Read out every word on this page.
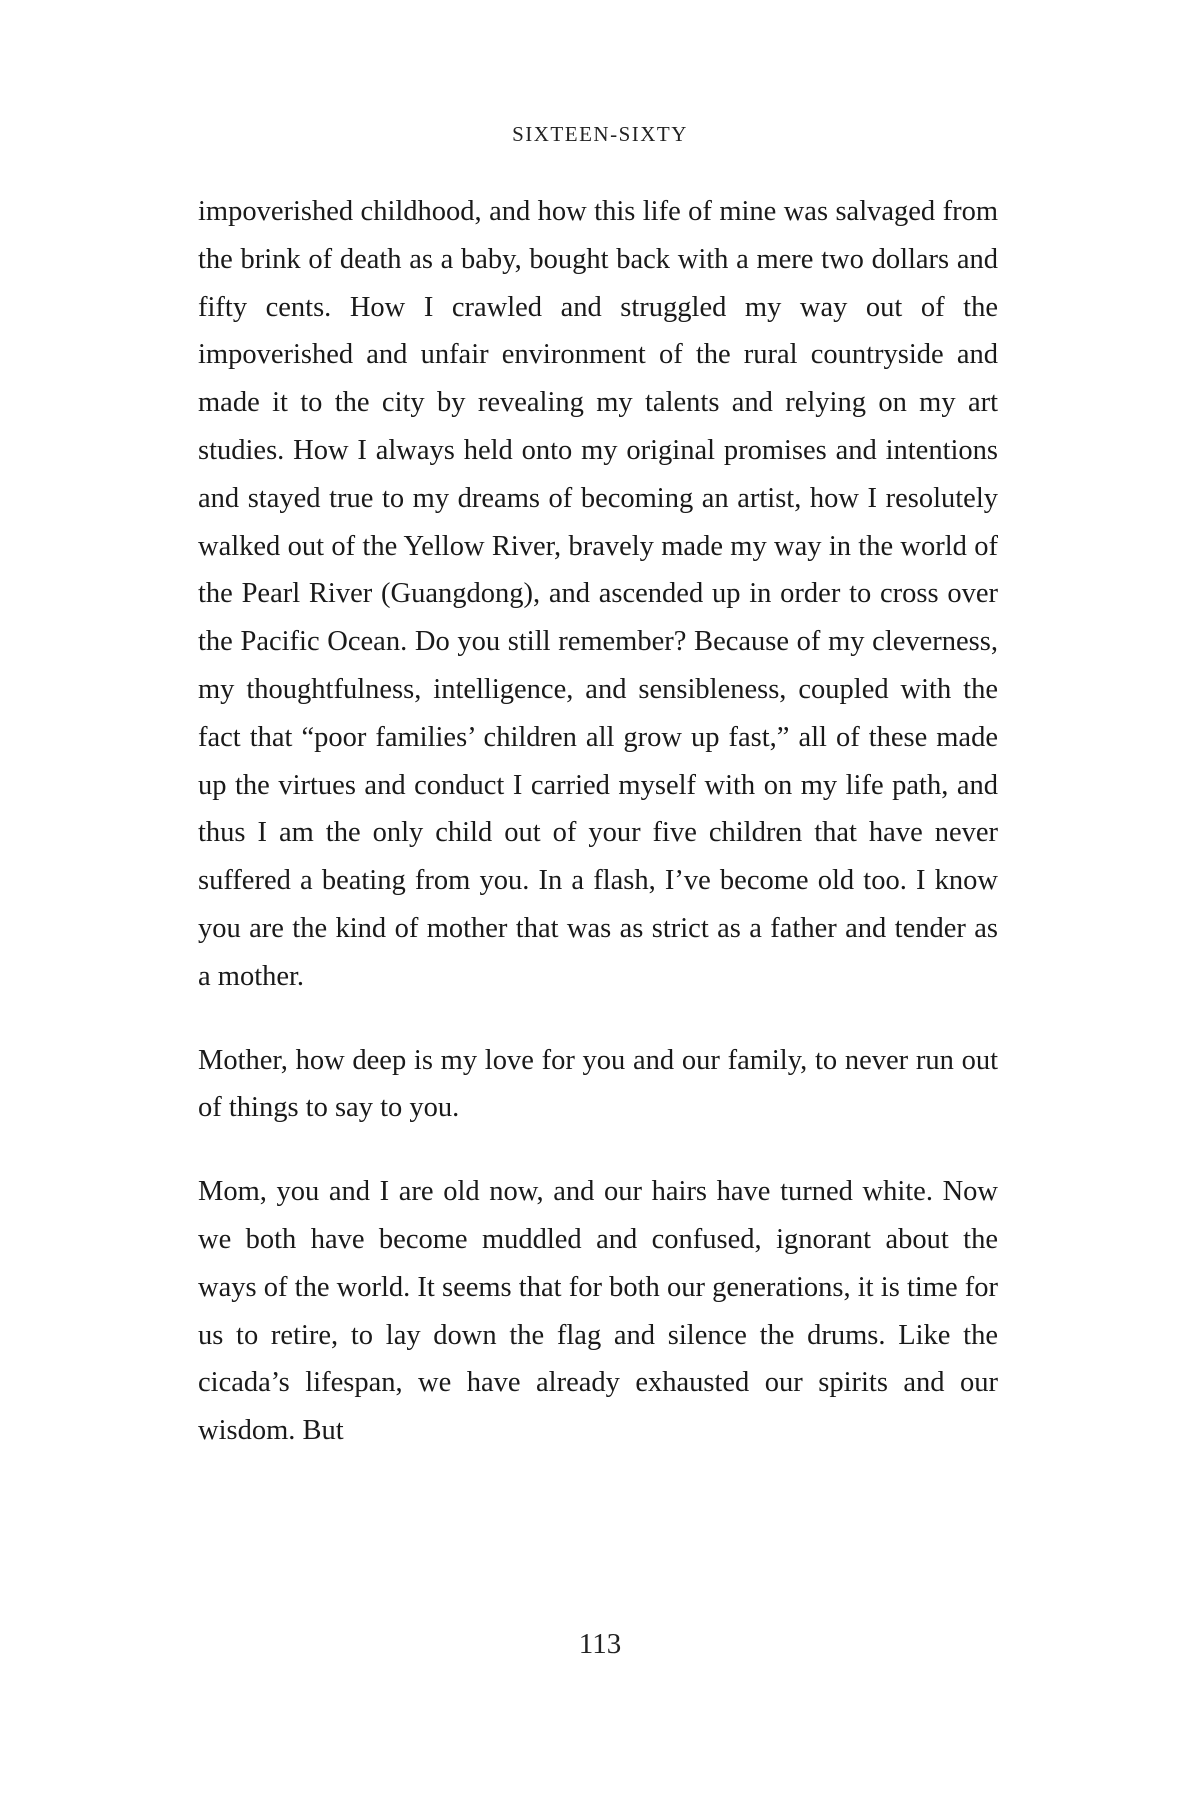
SIXTEEN-SIXTY

impoverished childhood, and how this life of mine was salvaged from the brink of death as a baby, bought back with a mere two dollars and fifty cents. How I crawled and struggled my way out of the impoverished and unfair environment of the rural countryside and made it to the city by revealing my talents and relying on my art studies. How I always held onto my original promises and intentions and stayed true to my dreams of becoming an artist, how I resolutely walked out of the Yellow River, bravely made my way in the world of the Pearl River (Guangdong), and ascended up in order to cross over the Pacific Ocean. Do you still remember? Because of my cleverness, my thoughtfulness, intelligence, and sensibleness, coupled with the fact that “poor families’ children all grow up fast,” all of these made up the virtues and conduct I carried myself with on my life path, and thus I am the only child out of your five children that have never suffered a beating from you. In a flash, I’ve become old too. I know you are the kind of mother that was as strict as a father and tender as a mother.

Mother, how deep is my love for you and our family, to never run out of things to say to you.

Mom, you and I are old now, and our hairs have turned white. Now we both have become muddled and confused, ignorant about the ways of the world. It seems that for both our generations, it is time for us to retire, to lay down the flag and silence the drums. Like the cicada’s lifespan, we have already exhausted our spirits and our wisdom. But

113
